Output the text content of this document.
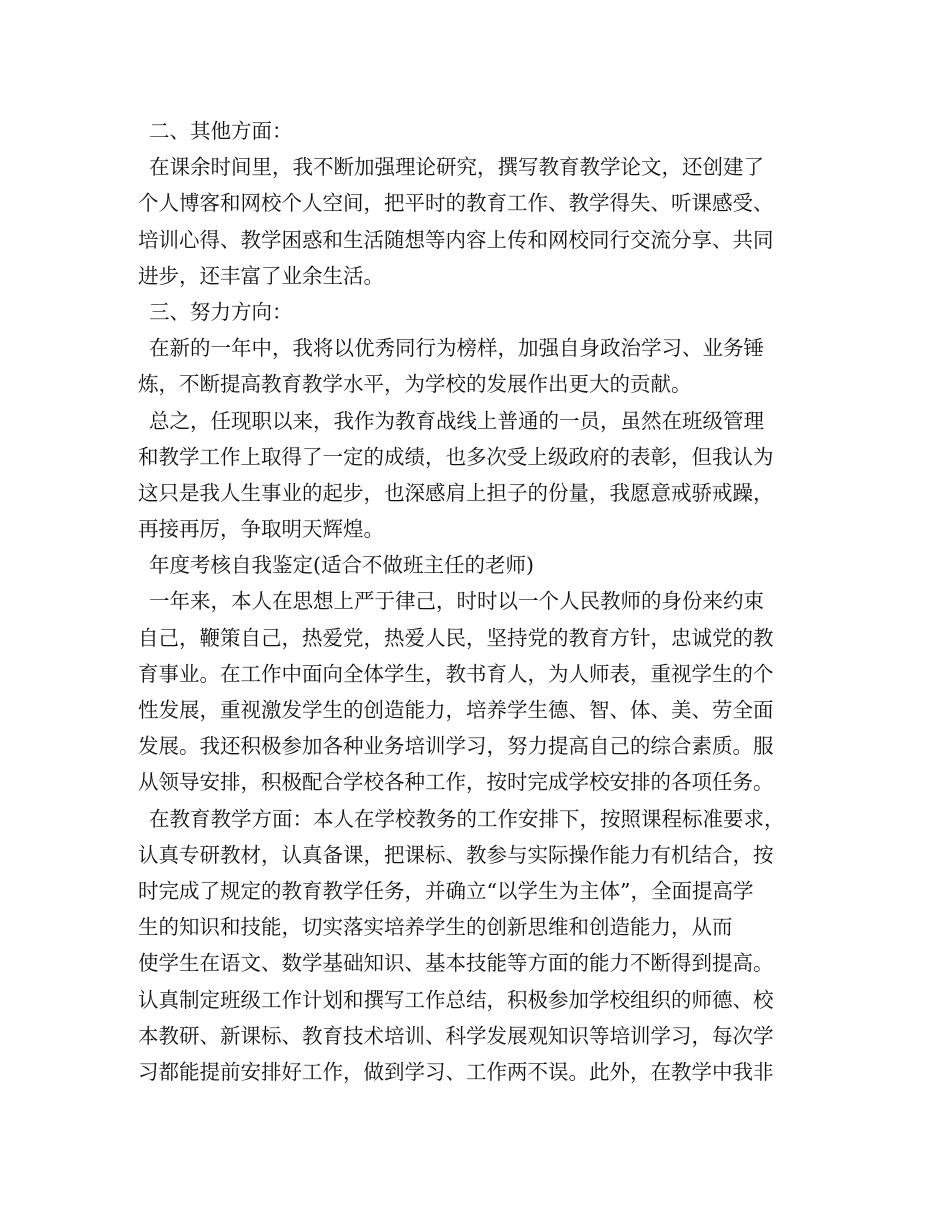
二、其他方面：
在课余时间里，我不断加强理论研究，撰写教育教学论文，还创建了
个人博客和网校个人空间，把平时的教育工作、教学得失、听课感受、
培训心得、教学困惑和生活随想等内容上传和网校同行交流分享、共同
进步，还丰富了业余生活。
三、努力方向：
在新的一年中，我将以优秀同行为榜样，加强自身政治学习、业务锤
炼，不断提高教育教学水平，为学校的发展作出更大的贡献。
总之，任现职以来，我作为教育战线上普通的一员，虽然在班级管理
和教学工作上取得了一定的成绩，也多次受上级政府的表彰，但我认为
这只是我人生事业的起步，也深感肩上担子的份量，我愿意戒骄戒躁，
再接再厉，争取明天辉煌。
年度考核自我鉴定(适合不做班主任的老师)
一年来，本人在思想上严于律己，时时以一个人民教师的身份来约束
自己，鞭策自己，热爱党，热爱人民，坚持党的教育方针，忠诚党的教
育事业。在工作中面向全体学生，教书育人，为人师表，重视学生的个
性发展，重视激发学生的创造能力，培养学生德、智、体、美、劳全面
发展。我还积极参加各种业务培训学习，努力提高自己的综合素质。服
从领导安排，积极配合学校各种工作，按时完成学校安排的各项任务。
在教育教学方面：本人在学校教务的工作安排下，按照课程标准要求，
认真专研教材，认真备课，把课标、教参与实际操作能力有机结合，按
时完成了规定的教育教学任务，并确立“以学生为主体”，全面提高学
生的知识和技能，切实落实培养学生的创新思维和创造能力，从而
使学生在语文、数学基础知识、基本技能等方面的能力不断得到提高。
认真制定班级工作计划和撰写工作总结，积极参加学校组织的师德、校
本教研、新课标、教育技术培训、科学发展观知识等培训学习，每次学
习都能提前安排好工作，做到学习、工作两不误。此外，在教学中我非
